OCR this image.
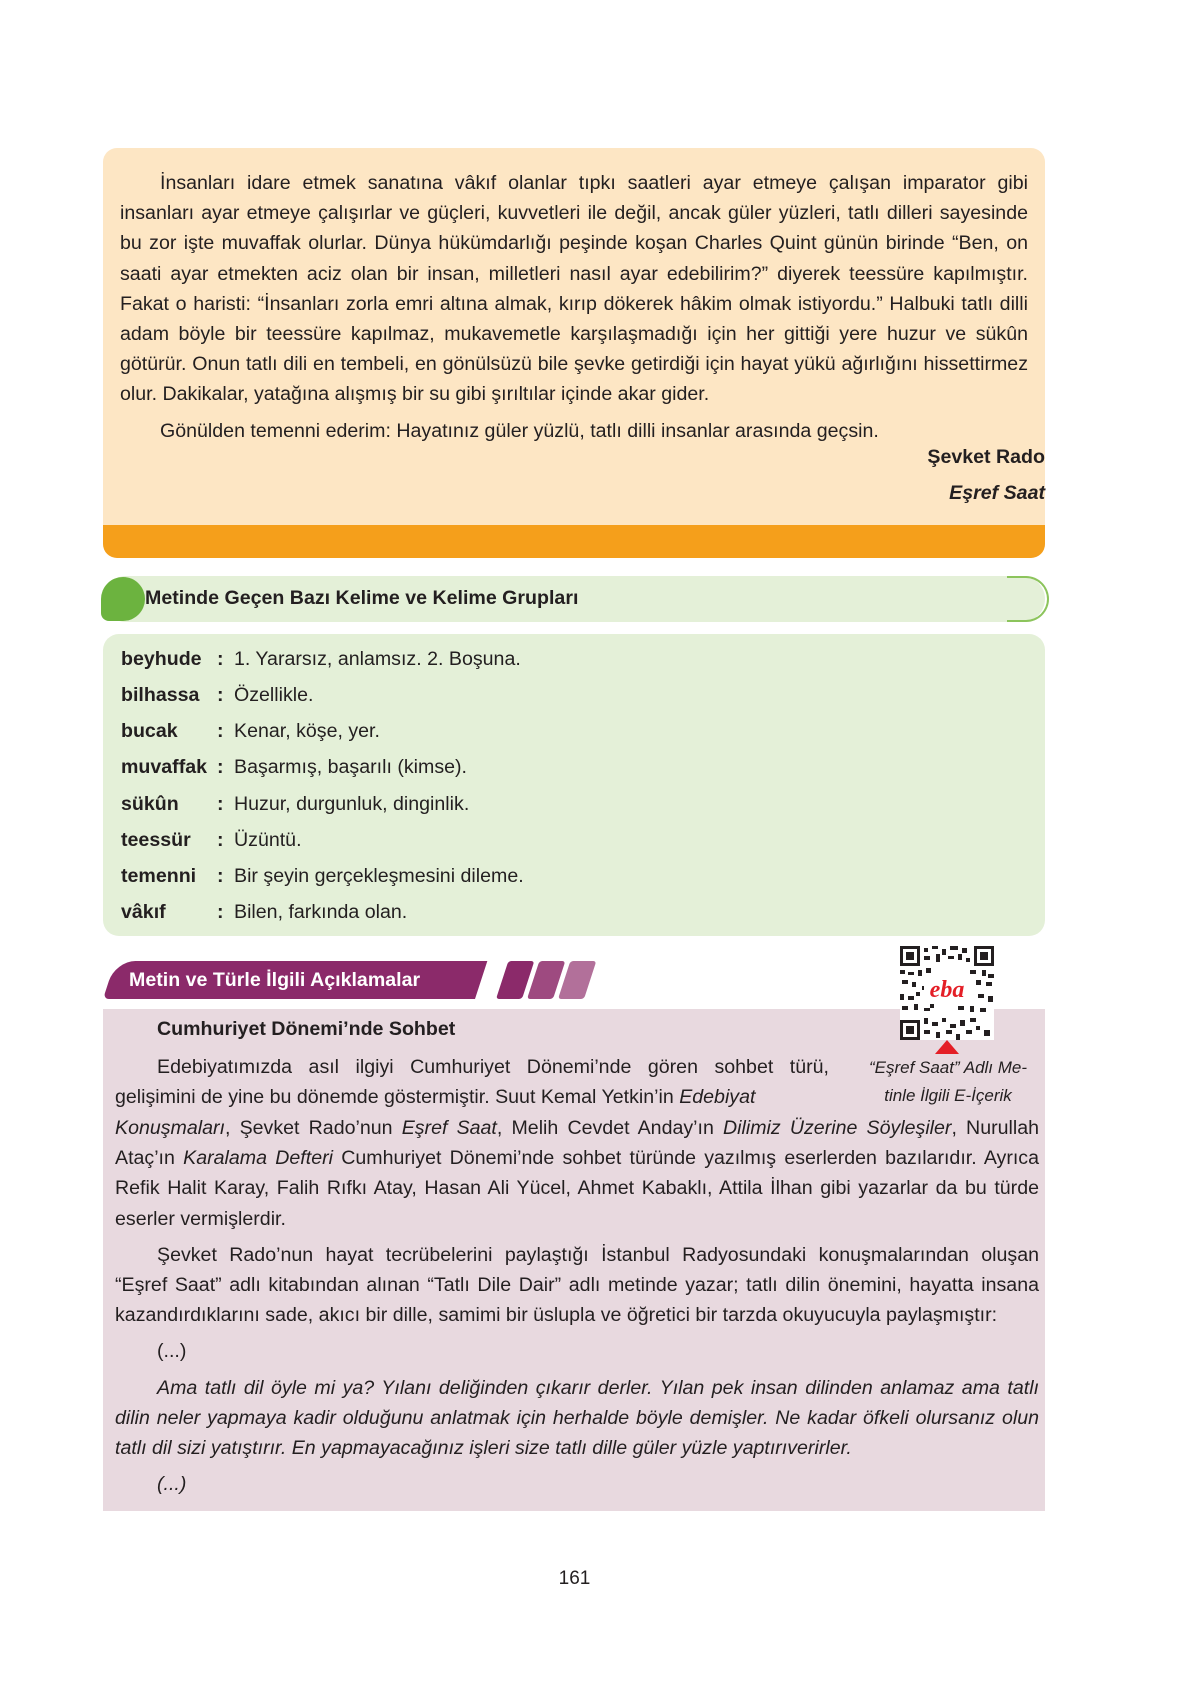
İnsanları idare etmek sanatına vâkıf olanlar tıpkı saatleri ayar etmeye çalışan imparator gibi insanları ayar etmeye çalışırlar ve güçleri, kuvvetleri ile değil, ancak güler yüzleri, tatlı dilleri sayesinde bu zor işte muvaffak olurlar. Dünya hükümdarlığı peşinde koşan Charles Quint günün birinde “Ben, on saati ayar etmekten aciz olan bir insan, milletleri nasıl ayar edebilirim?” diyerek teessüre kapılmıştır. Fakat o haristi: “İnsanları zorla emri altına almak, kırıp dökerek hâkim olmak istiyordu.” Halbuki tatlı dilli adam böyle bir teessüre kapılmaz, mukavemetle karşılaşmadığı için her gittiği yere huzur ve sükûn götürür. Onun tatlı dili en tembeli, en gönülsüzü bile şevke getirdiği için hayat yükü ağırlığını hissettirmez olur. Dakikalar, yatağına alışmış bir su gibi şırıltılar içinde akar gider.

Gönülden temenni ederim: Hayatınız güler yüzlü, tatlı dilli insanlar arasında geçsin.

Şevket Rado
Eşref Saat
Metinde Geçen Bazı Kelime ve Kelime Grupları
beyhude : 1. Yararsız, anlamsız. 2. Boşuna.
bilhassa : Özellikle.
bucak : Kenar, köşe, yer.
muvaffak : Başarmış, başarılı (kimse).
sükûn : Huzur, durgunluk, dinginlik.
teessür : Üzüntü.
temenni : Bir şeyin gerçekleşmesini dileme.
vâkıf	: Bilen, farkında olan.
Metin ve Türle İlgili Açıklamalar	eba
“Eşref Saat” Adlı Me-
tinle İlgili E-İçerik
Cumhuriyet Dönemi’nde Sohbet

Edebiyatımızda asıl ilgiyi Cumhuriyet Dönemi’nde gören sohbet türü, gelişimini de yine bu dönemde göstermiştir. Suut Kemal Yetkin’in Edebiyat

Konuşmaları, Şevket Rado’nun Eşref Saat, Melih Cevdet Anday’ın Dilimiz Üzerine Söyleşiler, Nurullah Ataç’ın Karalama Defteri Cumhuriyet Dönemi’nde sohbet türünde yazılmış eserlerden bazılarıdır. Ayrıca Refik Halit Karay, Falih Rıfkı Atay, Hasan Ali Yücel, Ahmet Kabaklı, Attila İlhan gibi yazarlar da bu türde eserler vermişlerdir.

Şevket Rado’nun hayat tecrübelerini paylaştığı İstanbul Radyosundaki konuşmalarından oluşan “Eşref Saat” adlı kitabından alınan “Tatlı Dile Dair” adlı metinde yazar; tatlı dilin önemini, hayatta insana kazandırdıklarını sade, akıcı bir dille, samimi bir üslupla ve öğretici bir tarzda okuyucuyla paylaşmıştır:

(...)

Ama tatlı dil öyle mi ya? Yılanı deliğinden çıkarır derler. Yılan pek insan dilinden anlamaz ama tatlı dilin neler yapmaya kadir olduğunu anlatmak için herhalde böyle demişler. Ne kadar öfkeli olursanız olun tatlı dil sizi yatıştırır. En yapmayacağınız işleri size tatlı dille güler yüzle yaptırıverirler.

(...)

161
